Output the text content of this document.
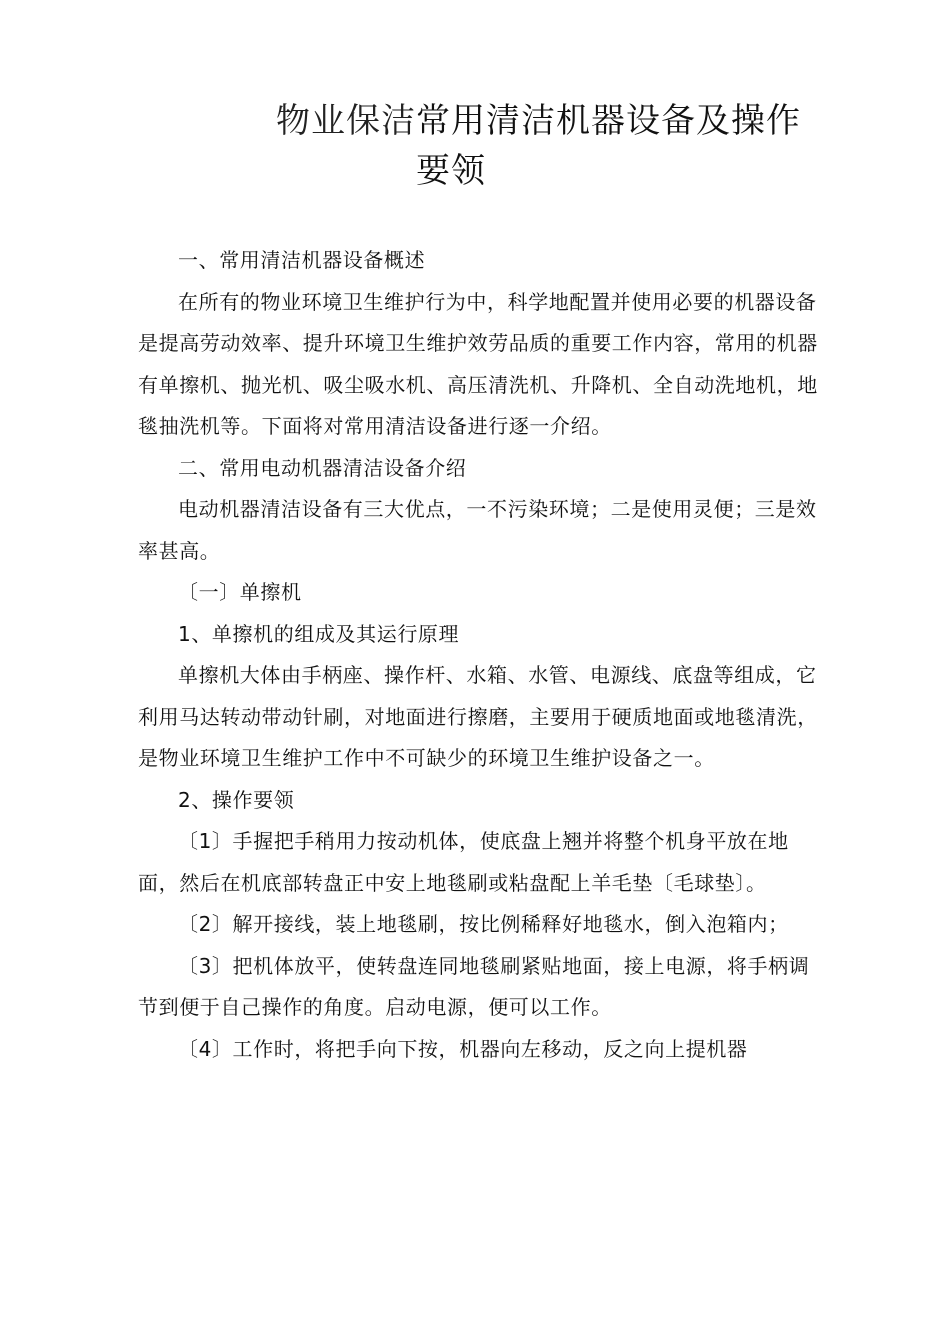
物业保洁常用清洁机器设备及操作
要领

一、常用清洁机器设备概述

在所有的物业环境卫生维护行为中，科学地配置并使用必要的机器设备是提高劳动效率、提升环境卫生维护效劳品质的重要工作内容，常用的机器有单擦机、抛光机、吸尘吸水机、高压清洗机、升降机、全自动洗地机，地毯抽洗机等。下面将对常用清洁设备进行逐一介绍。

二、常用电动机器清洁设备介绍

电动机器清洁设备有三大优点，一不污染环境；二是使用灵便；三是效率甚高。

〔一〕单擦机

1、单擦机的组成及其运行原理

单擦机大体由手柄座、操作杆、水箱、水管、电源线、底盘等组成，它利用马达转动带动针刷，对地面进行擦磨，主要用于硬质地面或地毯清洗，是物业环境卫生维护工作中不可缺少的环境卫生维护设备之一。

2、操作要领

〔1〕手握把手稍用力按动机体，使底盘上翘并将整个机身平放在地面，然后在机底部转盘正中安上地毯刷或粘盘配上羊毛垫〔毛球垫〕。

〔2〕解开接线，装上地毯刷，按比例稀释好地毯水，倒入泡箱内；

〔3〕把机体放平，使转盘连同地毯刷紧贴地面，接上电源，将手柄调节到便于自己操作的角度。启动电源，便可以工作。

〔4〕工作时，将把手向下按，机器向左移动，反之向上提机器
